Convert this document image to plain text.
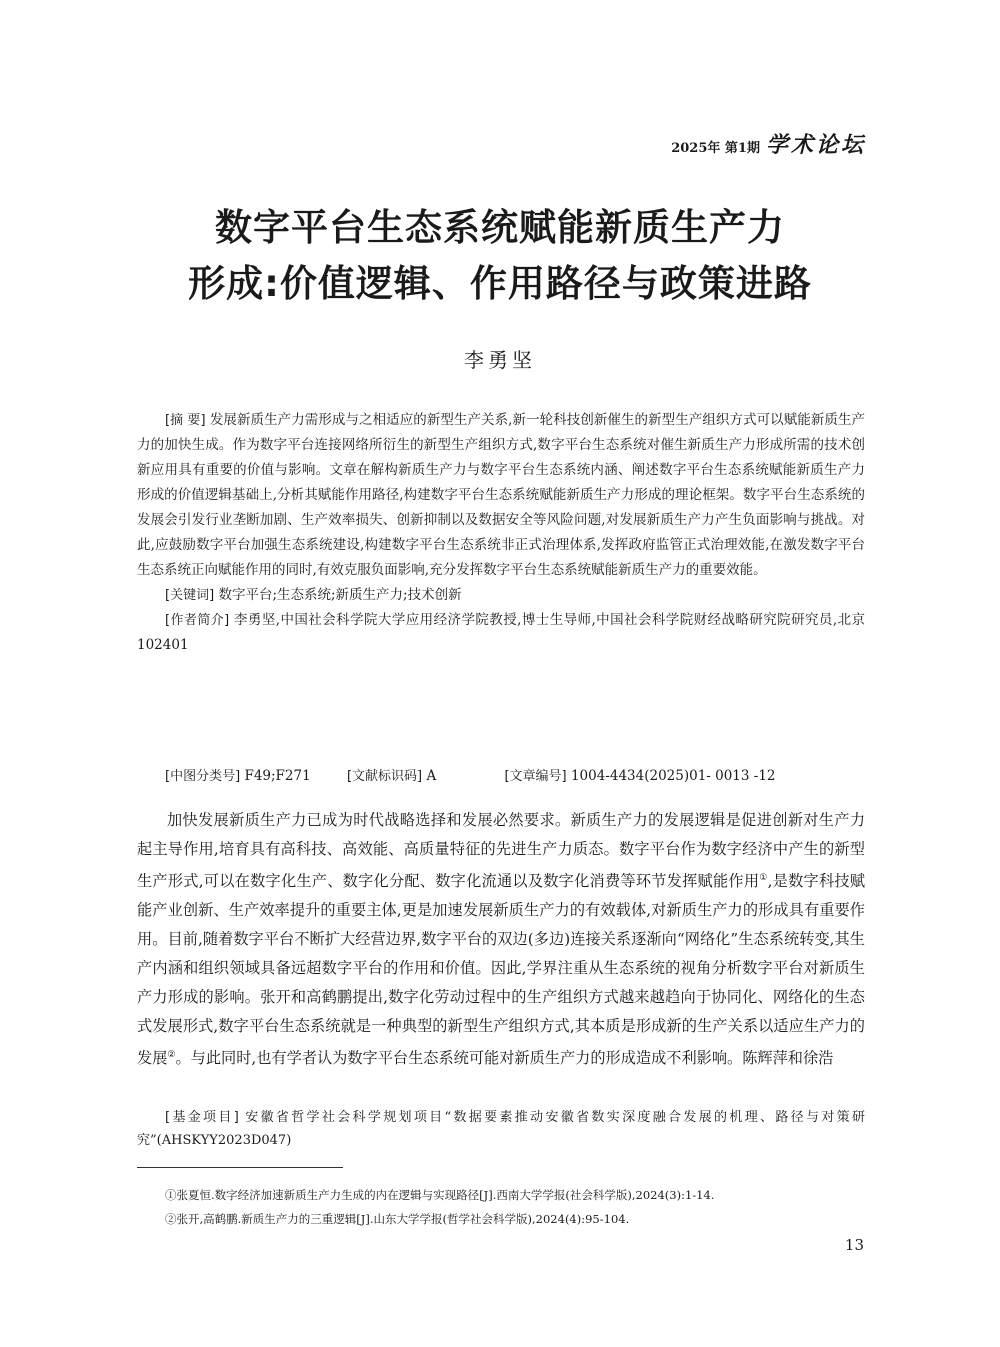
2025年 第1期 学术论坛
数字平台生态系统赋能新质生产力
形成:价值逻辑、作用路径与政策进路
李勇坚

[摘 要] 发展新质生产力需形成与之相适应的新型生产关系,新一轮科技创新催生的新型生产组织方式可以赋能新质生产力的加快生成。作为数字平台连接网络所衍生的新型生产组织方式,数字平台生态系统对催生新质生产力形成所需的技术创新应用具有重要的价值与影响。文章在解构新质生产力与数字平台生态系统内涵、阐述数字平台生态系统赋能新质生产力形成的价值逻辑基础上,分析其赋能作用路径,构建数字平台生态系统赋能新质生产力形成的理论框架。数字平台生态系统的发展会引发行业垄断加剧、生产效率损失、创新抑制以及数据安全等风险问题,对发展新质生产力产生负面影响与挑战。对此,应鼓励数字平台加强生态系统建设,构建数字平台生态系统非正式治理体系,发挥政府监管正式治理效能,在激发数字平台生态系统正向赋能作用的同时,有效克服负面影响,充分发挥数字平台生态系统赋能新质生产力的重要效能。

[关键词] 数字平台;生态系统;新质生产力;技术创新

[作者简介] 李勇坚,中国社会科学院大学应用经济学院教授,博士生导师,中国社会科学院财经战略研究院研究员,北京 102401

[中图分类号] F49;F271	[文献标识码] A	[文章编号] 1004-4434(2025)01- 0013 -12

加快发展新质生产力已成为时代战略选择和发展必然要求。新质生产力的发展逻辑是促进创新对生产力起主导作用,培育具有高科技、高效能、高质量特征的先进生产力质态。数字平台作为数字经济中产生的新型生产形式,可以在数字化生产、数字化分配、数字化流通以及数字化消费等环节发挥赋能作用①,是数字科技赋能产业创新、生产效率提升的重要主体,更是加速发展新质生产力的有效载体,对新质生产力的形成具有重要作用。目前,随着数字平台不断扩大经营边界,数字平台的双边(多边)连接关系逐渐向“网络化”生态系统转变,其生产内涵和组织领域具备远超数字平台的作用和价值。因此,学界注重从生态系统的视角分析数字平台对新质生产力形成的影响。张开和高鹤鹏提出,数字化劳动过程中的生产组织方式越来越趋向于协同化、网络化的生态式发展形式,数字平台生态系统就是一种典型的新型生产组织方式,其本质是形成新的生产关系以适应生产力的发展②。与此同时,也有学者认为数字平台生态系统可能对新质生产力的形成造成不利影响。陈辉萍和徐浩

[基金项目] 安徽省哲学社会科学规划项目“数据要素推动安徽省数实深度融合发展的机理、路径与对策研究”(AHSKYY2023D047)

①张夏恒.数字经济加速新质生产力生成的内在逻辑与实现路径[J].西南大学学报(社会科学版),2024(3):1-14.
②张开,高鹤鹏.新质生产力的三重逻辑[J].山东大学学报(哲学社会科学版),2024(4):95-104.
13
